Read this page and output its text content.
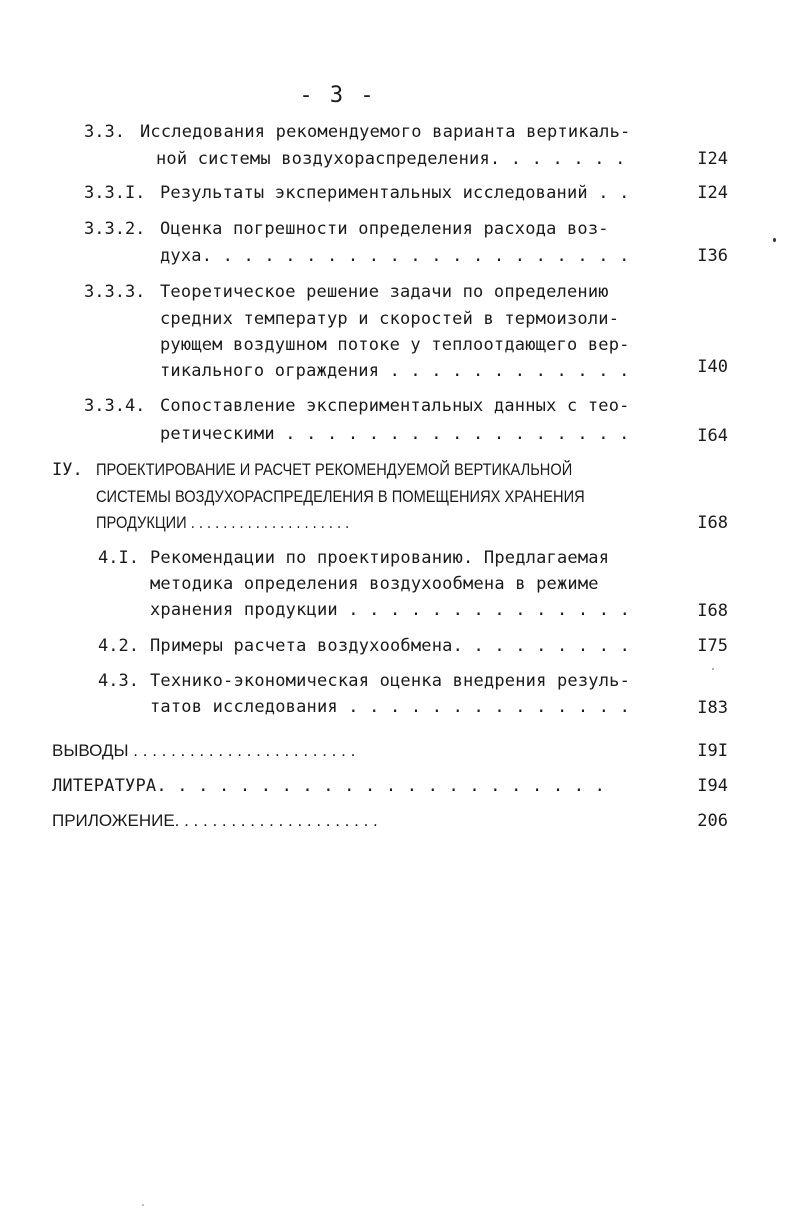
- 3 -
3.3. Исследования рекомендуемого варианта вертикаль-
ной системы воздухораспределения. . . . . . .	I24
3.3.I. Результаты экспериментальных исследований . .	I24
3.3.2. Оценка погрешности определения расхода воз-
духа. . . . . . . . . . . . . . . . . . . . .	I36
3.3.3. Теоретическое решение задачи по определению
средних температур и скоростей в термоизоли-
рующем воздушном потоке у теплоотдающего вер-
тикального ограждения . . . . . . . . . . . .	I40
3.3.4. Сопоставление экспериментальных данных с тео-
ретическими . . . . . . . . . . . . . . . . .	I64
IУ. ПРОЕКТИРОВАНИЕ И РАСЧЕТ РЕКОМЕНДУЕМОЙ ВЕРТИКАЛЬНОЙ
СИСТЕМЫ ВОЗДУХОРАСПРЕДЕЛЕНИЯ В ПОМЕЩЕНИЯХ ХРАНЕНИЯ
ПРОДУКЦИИ . . . . . . . . . . . . . . . . . . . .	I68
4.I. Рекомендации по проектированию. Предлагаемая
методика определения воздухообмена в режиме
хранения продукции . . . . . . . . . . . . . .	I68
4.2. Примеры расчета воздухообмена. . . . . . . . .	I75
4.3. Технико-экономическая оценка внедрения резуль-
татов исследования . . . . . . . . . . . . . .	I83
ВЫВОДЫ . . . . . . . . . . . . . . . . . . . . . . . .	I9I
ЛИТЕРАТУРА. . . . . . . . . . . . . . . . . . . . . .	I94
ПРИЛОЖЕНИЕ. . . . . . . . . . . . . . . . . . . . . .	206
